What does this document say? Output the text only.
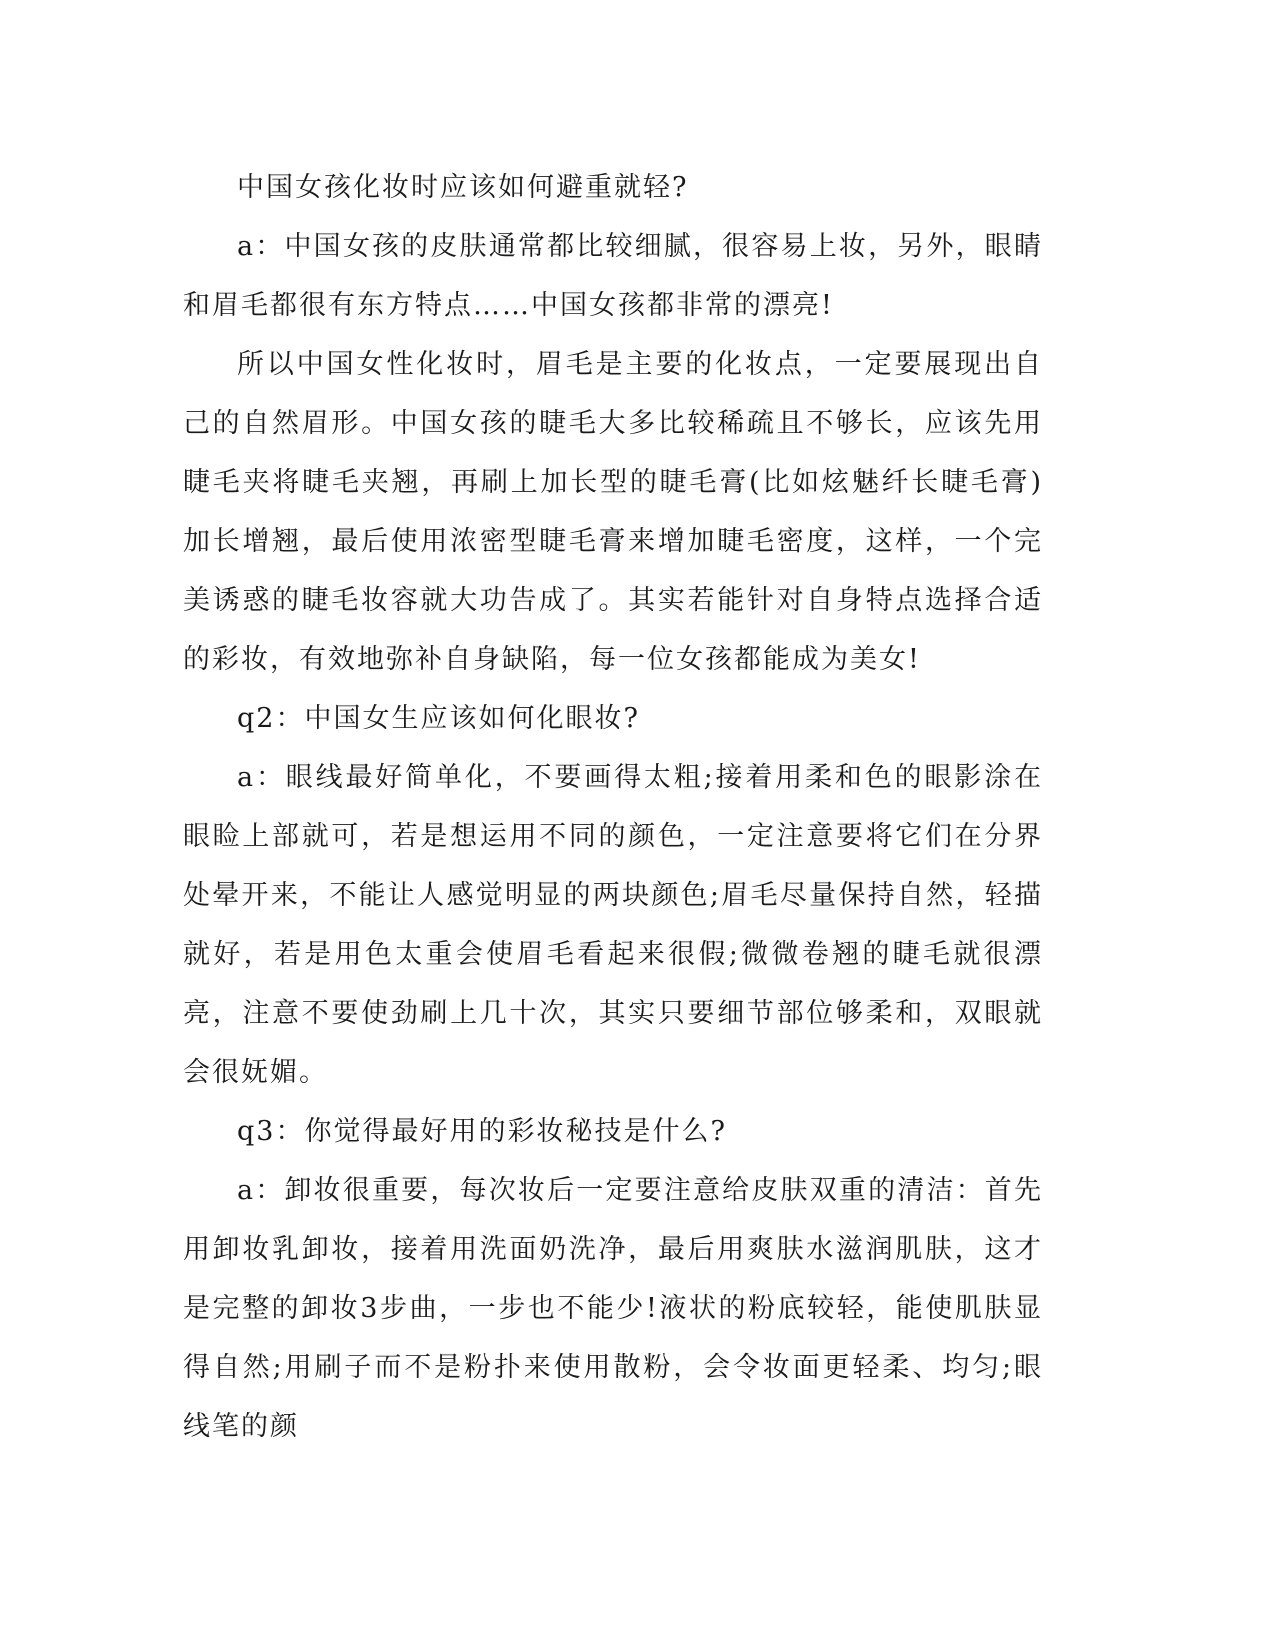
中国女孩化妆时应该如何避重就轻?

a：中国女孩的皮肤通常都比较细腻，很容易上妆，另外，眼睛和眉毛都很有东方特点……中国女孩都非常的漂亮!

所以中国女性化妆时，眉毛是主要的化妆点，一定要展现出自己的自然眉形。中国女孩的睫毛大多比较稀疏且不够长，应该先用睫毛夹将睫毛夹翘，再刷上加长型的睫毛膏(比如炫魅纤长睫毛膏)加长增翘，最后使用浓密型睫毛膏来增加睫毛密度，这样，一个完美诱惑的睫毛妆容就大功告成了。其实若能针对自身特点选择合适的彩妆，有效地弥补自身缺陷，每一位女孩都能成为美女!

q2：中国女生应该如何化眼妆?

a：眼线最好简单化，不要画得太粗;接着用柔和色的眼影涂在眼睑上部就可，若是想运用不同的颜色，一定注意要将它们在分界处晕开来，不能让人感觉明显的两块颜色;眉毛尽量保持自然，轻描就好，若是用色太重会使眉毛看起来很假;微微卷翘的睫毛就很漂亮，注意不要使劲刷上几十次，其实只要细节部位够柔和，双眼就会很妩媚。

q3：你觉得最好用的彩妆秘技是什么?

a：卸妆很重要，每次妆后一定要注意给皮肤双重的清洁：首先用卸妆乳卸妆，接着用洗面奶洗净，最后用爽肤水滋润肌肤，这才是完整的卸妆3步曲，一步也不能少!液状的粉底较轻，能使肌肤显得自然;用刷子而不是粉扑来使用散粉，会令妆面更轻柔、均匀;眼线笔的颜
